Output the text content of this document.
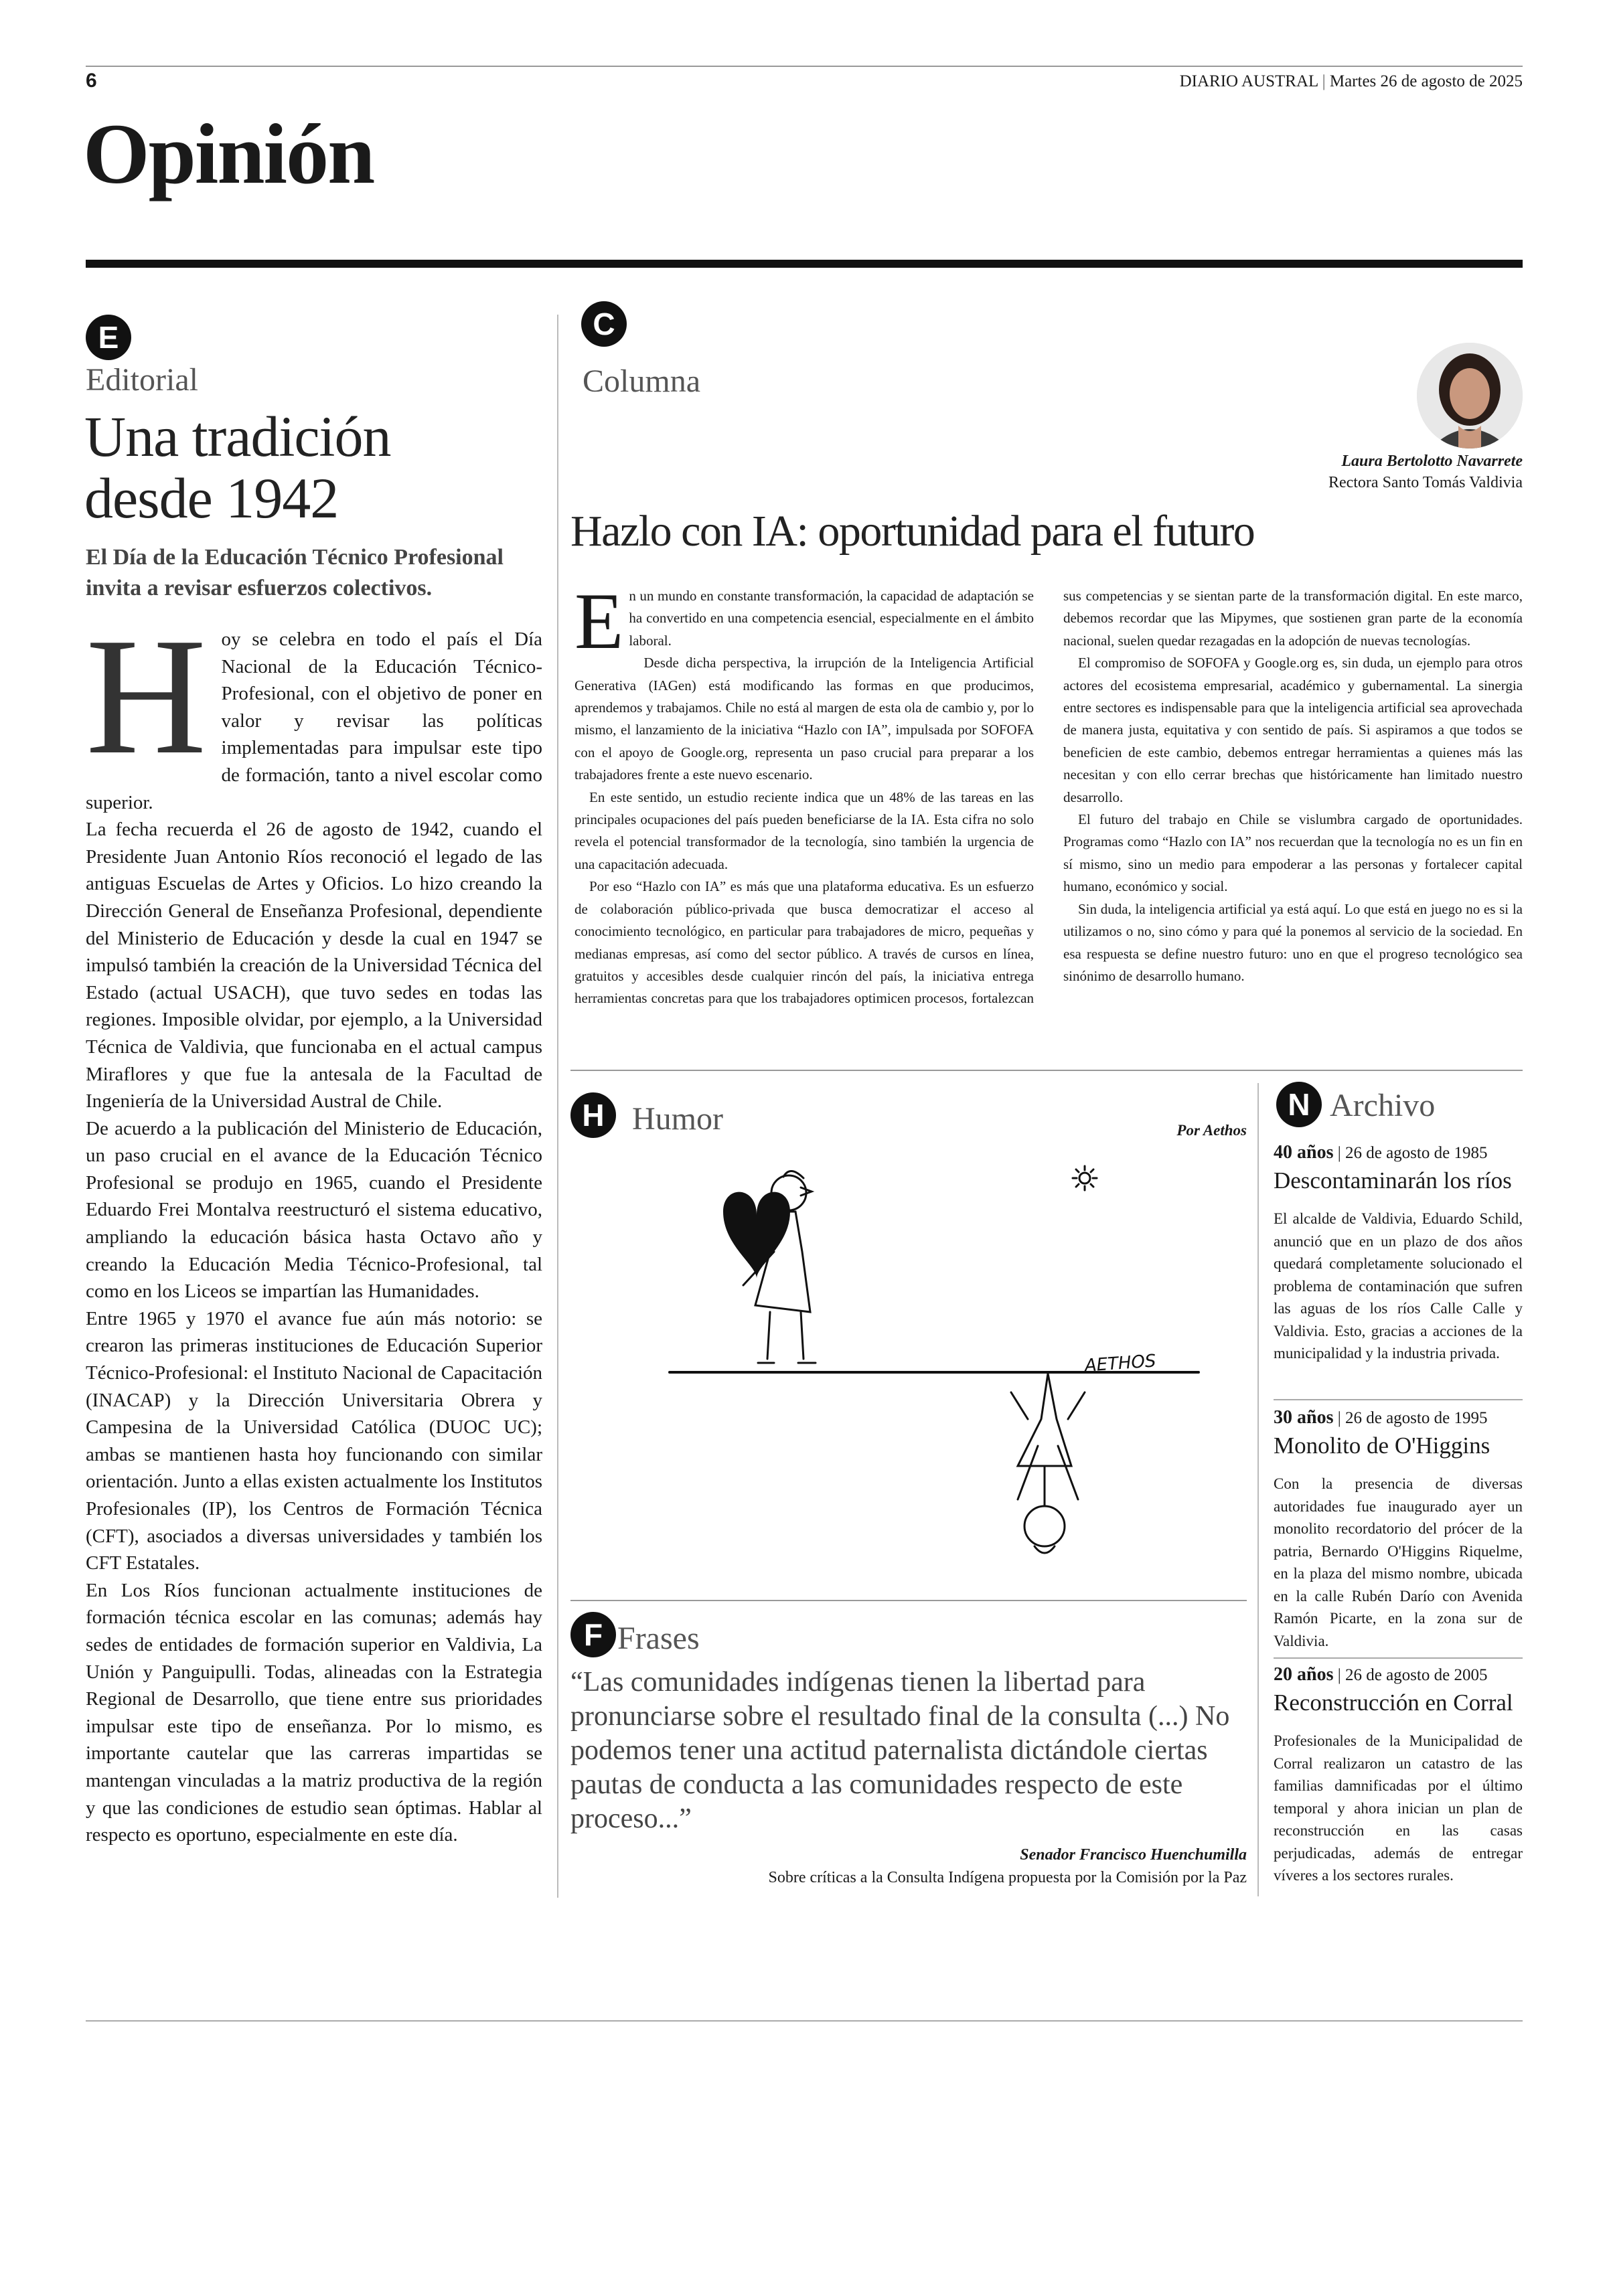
6	DIARIO AUSTRAL | Martes 26 de agosto de 2025
Opinión
E
Editorial
Una tradición
desde 1942
El Día de la Educación Técnico Profesional invita a revisar esfuerzos colectivos.

Hoy se celebra en todo el país el Día Nacional de la Educación Técnico-Profesional, con el objetivo de poner en valor y revisar las políticas implementadas para impulsar este tipo de formación, tanto a nivel escolar como superior.

La fecha recuerda el 26 de agosto de 1942, cuando el Presidente Juan Antonio Ríos reconoció el legado de las antiguas Escuelas de Artes y Oficios. Lo hizo creando la Dirección General de Enseñanza Profesional, dependiente del Ministerio de Educación y desde la cual en 1947 se impulsó también la creación de la Universidad Técnica del Estado (actual USACH), que tuvo sedes en todas las regiones. Imposible olvidar, por ejemplo, a la Universidad Técnica de Valdivia, que funcionaba en el actual campus Miraflores y que fue la antesala de la Facultad de Ingeniería de la Universidad Austral de Chile.

De acuerdo a la publicación del Ministerio de Educación, un paso crucial en el avance de la Educación Técnico Profesional se produjo en 1965, cuando el Presidente Eduardo Frei Montalva reestructuró el sistema educativo, ampliando la educación básica hasta Octavo año y creando la Educación Media Técnico-Profesional, tal como en los Liceos se impartían las Humanidades.

Entre 1965 y 1970 el avance fue aún más notorio: se crearon las primeras instituciones de Educación Superior Técnico-Profesional: el Instituto Nacional de Capacitación (INACAP) y la Dirección Universitaria Obrera y Campesina de la Universidad Católica (DUOC UC); ambas se mantienen hasta hoy funcionando con similar orientación. Junto a ellas existen actualmente los Institutos Profesionales (IP), los Centros de Formación Técnica (CFT), asociados a diversas universidades y también los CFT Estatales.

En Los Ríos funcionan actualmente instituciones de formación técnica escolar en las comunas; además hay sedes de entidades de formación superior en Valdivia, La Unión y Panguipulli. Todas, alineadas con la Estrategia Regional de Desarrollo, que tiene entre sus prioridades impulsar este tipo de enseñanza. Por lo mismo, es importante cautelar que las carreras impartidas se mantengan vinculadas a la matriz productiva de la región y que las condiciones de estudio sean óptimas. Hablar al respecto es oportuno, especialmente en este día.

C
Columna
Laura Bertolotto Navarrete
Rectora Santo Tomás Valdivia
Hazlo con IA: oportunidad para el futuro

En un mundo en constante transformación, la capacidad de adaptación se ha convertido en una competencia esencial, especialmente en el ámbito laboral.

Desde dicha perspectiva, la irrupción de la Inteligencia Artificial Generativa (IAGen) está modificando las formas en que producimos, aprendemos y trabajamos. Chile no está al margen de esta ola de cambio y, por lo mismo, el lanzamiento de la iniciativa “Hazlo con IA”, impulsada por SOFOFA con el apoyo de Google.org, representa un paso crucial para preparar a los trabajadores frente a este nuevo escenario.

En este sentido, un estudio reciente indica que un 48% de las tareas en las principales ocupaciones del país pueden beneficiarse de la IA. Esta cifra no solo revela el potencial transformador de la tecnología, sino también la urgencia de una capacitación adecuada.

Por eso “Hazlo con IA” es más que una plataforma educativa. Es un esfuerzo de colaboración público-privada que busca democratizar el acceso al conocimiento tecnológico, en particular para trabajadores de micro, pequeñas y medianas empresas, así como del sector público. A través de cursos en línea, gratuitos y accesibles desde cualquier rincón del país, la iniciativa entrega herramientas concretas para que los trabajadores optimicen procesos, fortalezcan sus competencias y se sientan parte de la transformación digital. En este marco, debemos recordar que las Mipymes, que sostienen gran parte de la economía nacional, suelen quedar rezagadas en la adopción de nuevas tecnologías.

El compromiso de SOFOFA y Google.org es, sin duda, un ejemplo para otros actores del ecosistema empresarial, académico y gubernamental. La sinergia entre sectores es indispensable para que la inteligencia artificial sea aprovechada de manera justa, equitativa y con sentido de país. Si aspiramos a que todos se beneficien de este cambio, debemos entregar herramientas a quienes más las necesitan y con ello cerrar brechas que históricamente han limitado nuestro desarrollo.

El futuro del trabajo en Chile se vislumbra cargado de oportunidades. Programas como “Hazlo con IA” nos recuerdan que la tecnología no es un fin en sí mismo, sino un medio para empoderar a las personas y fortalecer capital humano, económico y social.

Sin duda, la inteligencia artificial ya está aquí. Lo que está en juego no es si la utilizamos o no, sino cómo y para qué la ponemos al servicio de la sociedad. En esa respuesta se define nuestro futuro: uno en que el progreso tecnológico sea sinónimo de desarrollo humano.

H Humor	Por Aethos
AETHOS
F Frases
“Las comunidades indígenas tienen la libertad para pronunciarse sobre el resultado final de la consulta (...) No podemos tener una actitud paternalista dictándole ciertas pautas de conducta a las comunidades respecto de este proceso...”
Senador Francisco Huenchumilla
Sobre críticas a la Consulta Indígena propuesta por la Comisión por la Paz
N Archivo
40 años | 26 de agosto de 1985
Descontaminarán los ríos
El alcalde de Valdivia, Eduardo Schild, anunció que en un plazo de dos años quedará completamente solucionado el problema de contaminación que sufren las aguas de los ríos Calle Calle y Valdivia. Esto, gracias a acciones de la municipalidad y la industria privada.
30 años | 26 de agosto de 1995
Monolito de O'Higgins
Con la presencia de diversas autoridades fue inaugurado ayer un monolito recordatorio del prócer de la patria, Bernardo O'Higgins Riquelme, en la plaza del mismo nombre, ubicada en la calle Rubén Darío con Avenida Ramón Picarte, en la zona sur de Valdivia.
20 años | 26 de agosto de 2005
Reconstrucción en Corral
Profesionales de la Municipalidad de Corral realizaron un catastro de las familias damnificadas por el último temporal y ahora inician un plan de reconstrucción en las casas perjudicadas, además de entregar víveres a los sectores rurales.
